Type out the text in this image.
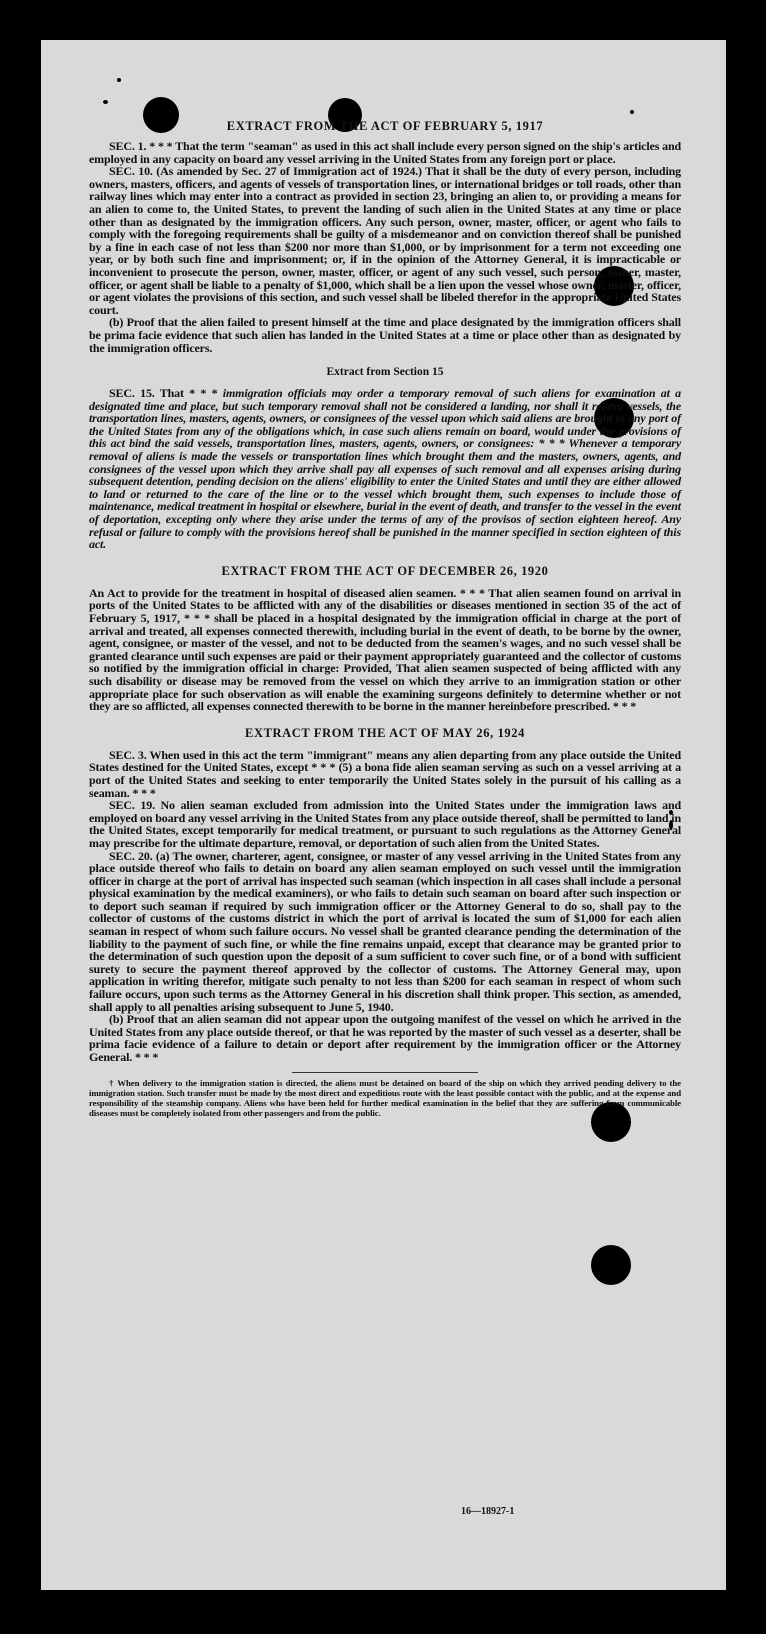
EXTRACT FROM THE ACT OF FEBRUARY 5, 1917

SEC. 1. * * * That the term "seaman" as used in this act shall include every person signed on the ship's articles and employed in any capacity on board any vessel arriving in the United States from any foreign port or place.

SEC. 10. (As amended by Sec. 27 of Immigration act of 1924.) That it shall be the duty of every person, including owners, masters, officers, and agents of vessels of transportation lines, or international bridges or toll roads, other than railway lines which may enter into a contract as provided in section 23, bringing an alien to, or providing a means for an alien to come to, the United States, to prevent the landing of such alien in the United States at any time or place other than as designated by the immigration officers. Any such person, owner, master, officer, or agent who fails to comply with the foregoing requirements shall be guilty of a misdemeanor and on conviction thereof shall be punished by a fine in each case of not less than $200 nor more than $1,000, or by imprisonment for a term not exceeding one year, or by both such fine and imprisonment; or, if in the opinion of the Attorney General, it is impracticable or inconvenient to prosecute the person, owner, master, officer, or agent of any such vessel, such person, owner, master, officer, or agent shall be liable to a penalty of $1,000, which shall be a lien upon the vessel whose owner, master, officer, or agent violates the provisions of this section, and such vessel shall be libeled therefor in the appropriate United States court.

(b) Proof that the alien failed to present himself at the time and place designated by the immigration officers shall be prima facie evidence that such alien has landed in the United States at a time or place other than as designated by the immigration officers.

Extract from Section 15

SEC. 15. That * * * immigration officials may order a temporary removal of such aliens for examination at a designated time and place, but such temporary removal shall not be considered a landing, nor shall it relieve vessels, the transportation lines, masters, agents, owners, or consignees of the vessel upon which said aliens are brought to any port of the United States from any of the obligations which, in case such aliens remain on board, would under the provisions of this act bind the said vessels, transportation lines, masters, agents, owners, or consignees: * * * Whenever a temporary removal of aliens is made the vessels or transportation lines which brought them and the masters, owners, agents, and consignees of the vessel upon which they arrive shall pay all expenses of such removal and all expenses arising during subsequent detention, pending decision on the aliens' eligibility to enter the United States and until they are either allowed to land or returned to the care of the line or to the vessel which brought them, such expenses to include those of maintenance, medical treatment in hospital or elsewhere, burial in the event of death, and transfer to the vessel in the event of deportation, excepting only where they arise under the terms of any of the provisos of section eighteen hereof. Any refusal or failure to comply with the provisions hereof shall be punished in the manner specified in section eighteen of this act.

EXTRACT FROM THE ACT OF DECEMBER 26, 1920

An Act to provide for the treatment in hospital of diseased alien seamen. * * * That alien seamen found on arrival in ports of the United States to be afflicted with any of the disabilities or diseases mentioned in section 35 of the act of February 5, 1917, * * * shall be placed in a hospital designated by the immigration official in charge at the port of arrival and treated, all expenses connected therewith, including burial in the event of death, to be borne by the owner, agent, consignee, or master of the vessel, and not to be deducted from the seamen's wages, and no such vessel shall be granted clearance until such expenses are paid or their payment appropriately guaranteed and the collector of customs so notified by the immigration official in charge: Provided, That alien seamen suspected of being afflicted with any such disability or disease may be removed from the vessel on which they arrive to an immigration station or other appropriate place for such observation as will enable the examining surgeons definitely to determine whether or not they are so afflicted, all expenses connected therewith to be borne in the manner hereinbefore prescribed. * * *

EXTRACT FROM THE ACT OF MAY 26, 1924

SEC. 3. When used in this act the term "immigrant" means any alien departing from any place outside the United States destined for the United States, except * * * (5) a bona fide alien seaman serving as such on a vessel arriving at a port of the United States and seeking to enter temporarily the United States solely in the pursuit of his calling as a seaman. * * *

SEC. 19. No alien seaman excluded from admission into the United States under the immigration laws and employed on board any vessel arriving in the United States from any place outside thereof, shall be permitted to land in the United States, except temporarily for medical treatment, or pursuant to such regulations as the Attorney General may prescribe for the ultimate departure, removal, or deportation of such alien from the United States.

SEC. 20. (a) The owner, charterer, agent, consignee, or master of any vessel arriving in the United States from any place outside thereof who fails to detain on board any alien seaman employed on such vessel until the immigration officer in charge at the port of arrival has inspected such seaman (which inspection in all cases shall include a personal physical examination by the medical examiners), or who fails to detain such seaman on board after such inspection or to deport such seaman if required by such immigration officer or the Attorney General to do so, shall pay to the collector of customs of the customs district in which the port of arrival is located the sum of $1,000 for each alien seaman in respect of whom such failure occurs. No vessel shall be granted clearance pending the determination of the liability to the payment of such fine, or while the fine remains unpaid, except that clearance may be granted prior to the determination of such question upon the deposit of a sum sufficient to cover such fine, or of a bond with sufficient surety to secure the payment thereof approved by the collector of customs. The Attorney General may, upon application in writing therefor, mitigate such penalty to not less than $200 for each seaman in respect of whom such failure occurs, upon such terms as the Attorney General in his discretion shall think proper. This section, as amended, shall apply to all penalties arising subsequent to June 5, 1940.

(b) Proof that an alien seaman did not appear upon the outgoing manifest of the vessel on which he arrived in the United States from any place outside thereof, or that he was reported by the master of such vessel as a deserter, shall be prima facie evidence of a failure to detain or deport after requirement by the immigration officer or the Attorney General. * * *

† When delivery to the immigration station is directed, the aliens must be detained on board of the ship on which they arrived pending delivery to the immigration station. Such transfer must be made by the most direct and expeditious route with the least possible contact with the public, and at the expense and responsibility of the steamship company. Aliens who have been held for further medical examination in the belief that they are suffering from communicable diseases must be completely isolated from other passengers and from the public.

16—18927-1
